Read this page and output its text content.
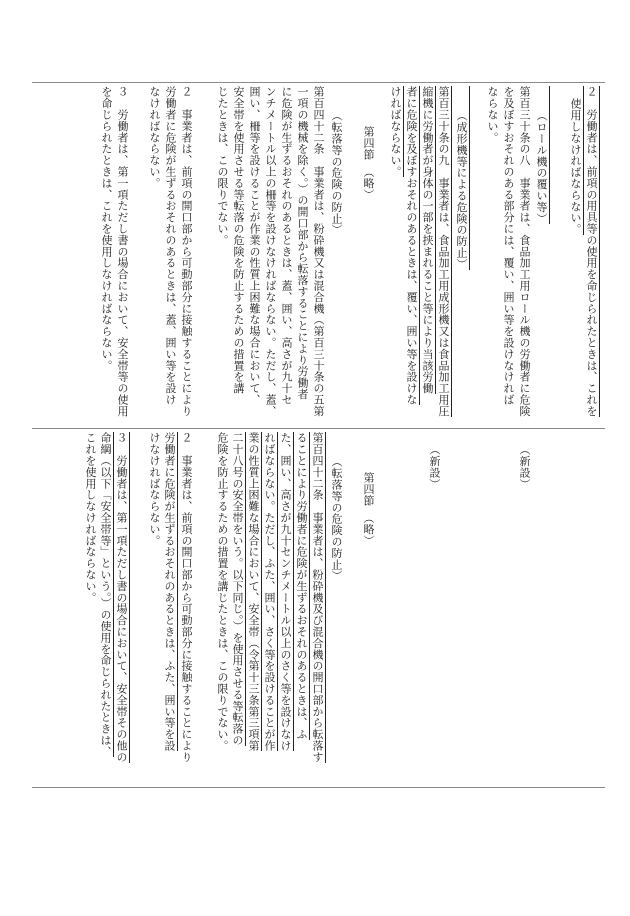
２　労働者は、前項の用具等の使用を命じられたときは、これを
使用しなければならない。
（ロール機の覆い等）
第百三十条の八　事業者は、食品加工用ロール機の労働者に危険
を及ぼすおそれのある部分には、覆い、囲い等を設けなければ
ならない。
（成形機等による危険の防止）
第百三十条の九　事業者は、食品加工用成形機又は食品加工用圧
縮機に労働者が身体の一部を挟まれること等により当該労働
者に危険を及ぼすおそれのあるときは、覆い、囲い等を設けな
ければならない。
第四節　（略）
（転落等の危険の防止）
第百四十二条　事業者は、粉砕機又は混合機（第百三十条の五第
一項の機械を除く。）の開口部から転落することにより労働者
に危険が生ずるおそれのあるときは、蓋、囲い、高さが九十セ
ンチメートル以上の柵等を設けなければならない。ただし、蓋、
囲い、柵等を設けることが作業の性質上困難な場合において、
安全帯を使用させる等転落の危険を防止するための措置を講
じたときは、この限りでない。
２　事業者は、前項の開口部から可動部分に接触することにより
労働者に危険が生ずるおそれのあるときは、蓋、囲い等を設け
なければならない。
３　労働者は、第一項ただし書の場合において、安全帯等の使用
を命じられたときは、これを使用しなければならない。
（新設）
（新設）
第四節　（略）
（転落等の危険の防止）
第百四十二条　事業者は、粉砕機及び混合機の開口部から転落す
ることにより労働者に危険が生ずるおそれのあるときは、ふ
た、囲い、高さが九十センチメートル以上のさく等を設けなけ
ればならない。ただし、ふた、囲い、さく等を設けることが作
業の性質上困難な場合において、安全帯（令第十三条第三項第
二十八号の安全帯をいう。以下同じ。）を使用させる等転落の
危険を防止するための措置を講じたときは、この限りでない。
２　事業者は、前項の開口部から可動部分に接触することにより
労働者に危険が生ずるおそれのあるときは、ふた、囲い等を設
けなければならない。
３　労働者は、第一項ただし書の場合において、安全帯その他の
命綱（以下「安全帯等」という。）の使用を命じられたときは、
これを使用しなければならない。
